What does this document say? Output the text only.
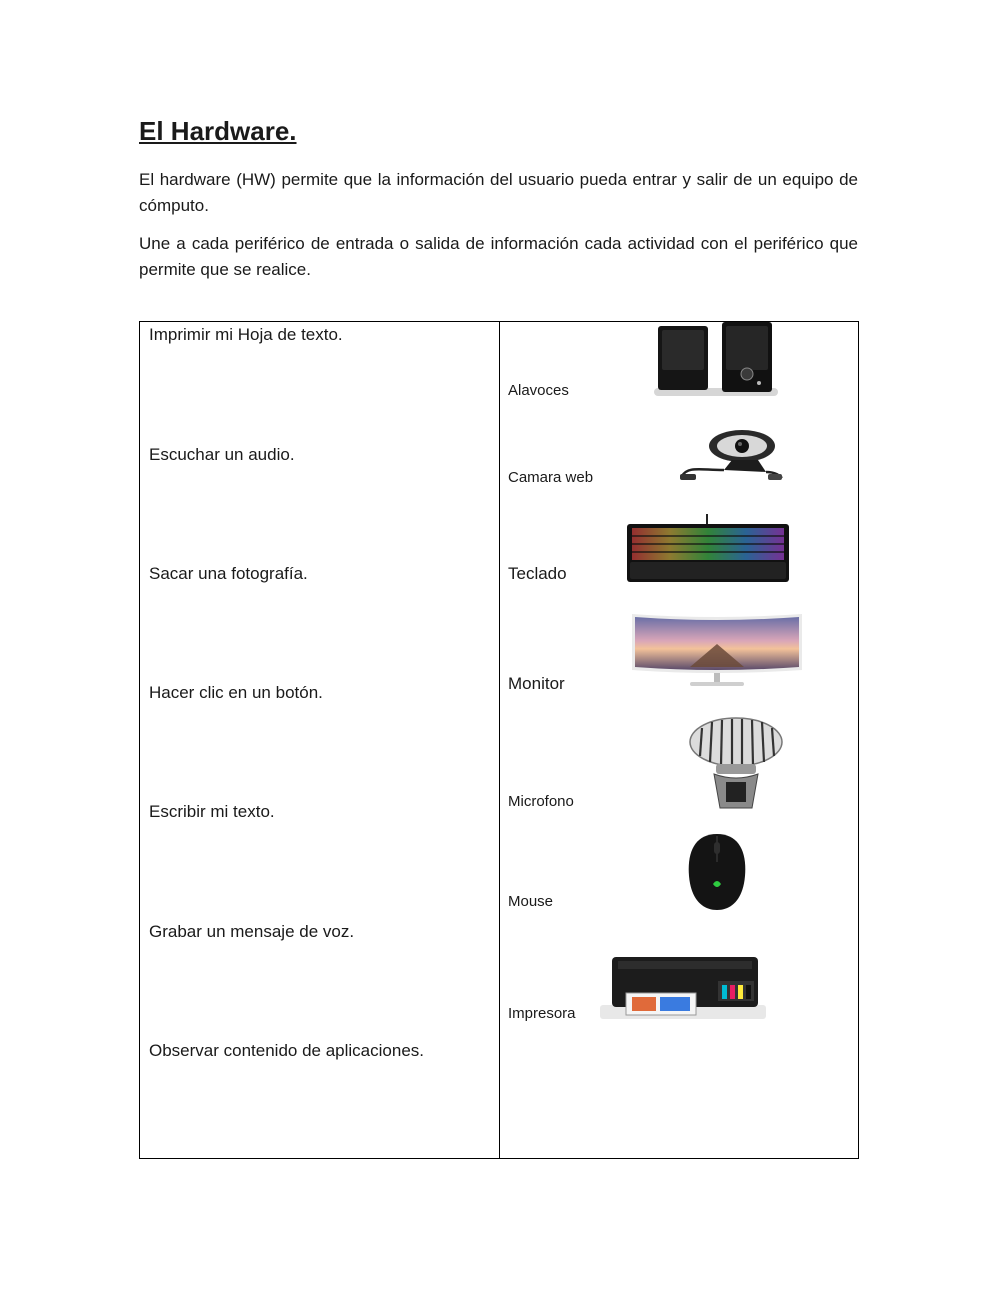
El Hardware.

El hardware (HW) permite que la información del usuario pueda entrar y salir de un equipo de cómputo.

Une a cada periférico de entrada o salida de información cada actividad con el periférico que permite que se realice.

Imprimir mi Hoja de texto.
Escuchar un audio.
Sacar una fotografía.
Hacer clic en un botón.
Escribir mi texto.
Grabar un mensaje de voz.
Observar contenido de aplicaciones.
Alavoces
Camara web
Teclado
Monitor
Microfono
Mouse
Impresora
